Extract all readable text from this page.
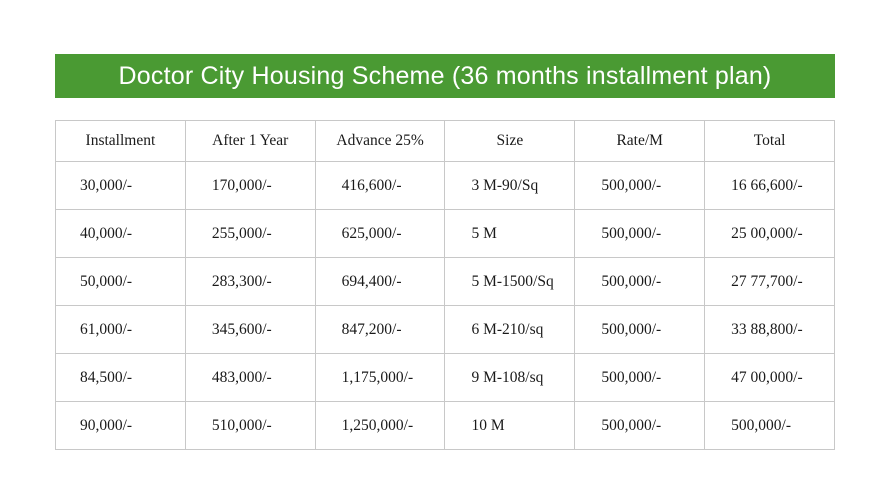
Doctor City Housing Scheme (36 months installment plan)
Installment	After 1 Year	Advance 25%	Size	Rate/M	Total
30,000/-	170,000/-	416,600/-	3 M-90/Sq	500,000/-	16 66,600/-
40,000/-	255,000/-	625,000/-	5 M	500,000/-	25 00,000/-
50,000/-	283,300/-	694,400/-	5 M-1500/Sq	500,000/-	27 77,700/-
61,000/-	345,600/-	847,200/-	6 M-210/sq	500,000/-	33 88,800/-
84,500/-	483,000/-	1,175,000/-	9 M-108/sq	500,000/-	47 00,000/-
90,000/-	510,000/-	1,250,000/-	10 M	500,000/-	500,000/-
